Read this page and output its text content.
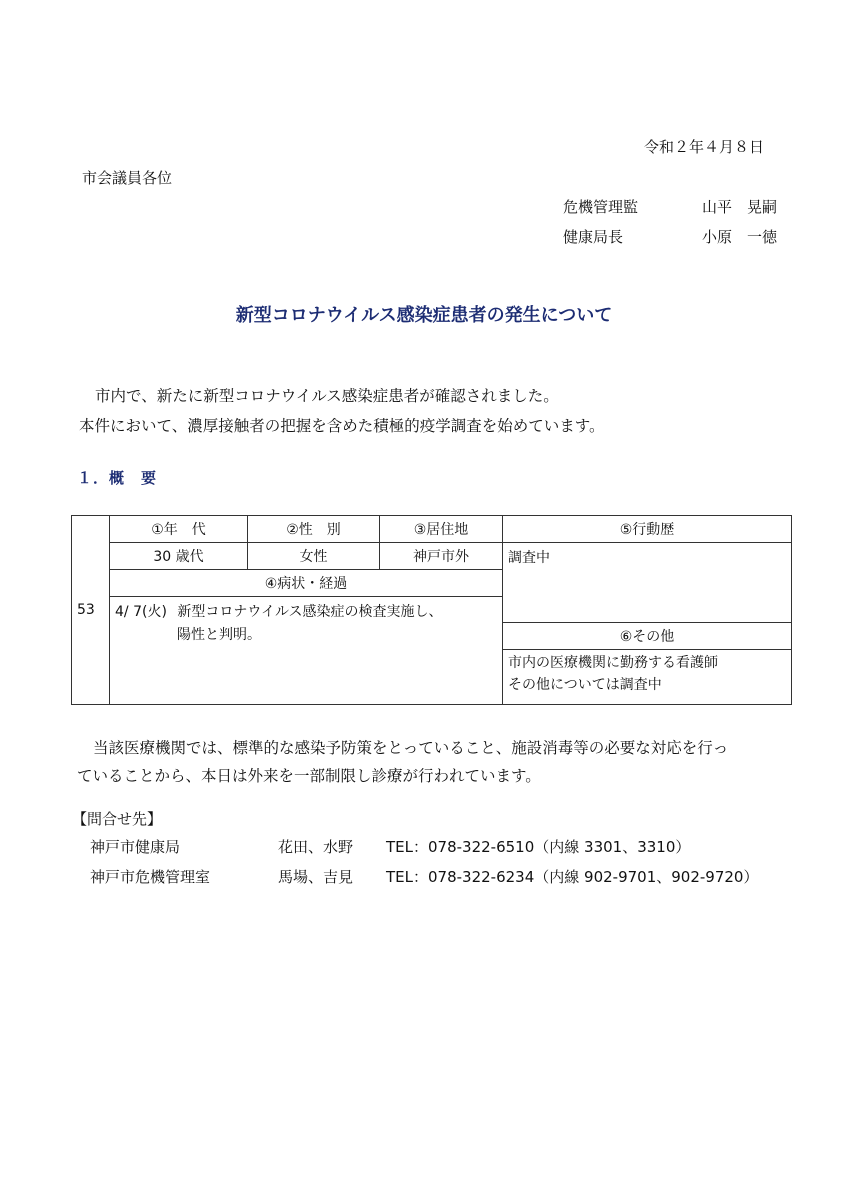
令和２年４月８日
市会議員各位
危機管理監	山平　晃嗣
健康局長	小原　一徳
新型コロナウイルス感染症患者の発生について
市内で、新たに新型コロナウイルス感染症患者が確認されました。
本件において、濃厚接触者の把握を含めた積極的疫学調査を始めています。
１．概　要
	①年　代	②性　別	③居住地	⑤行動歴
	30 歳代	女性	神戸市外	調査中
	④病状・経過			
53	4/ 7(火) 新型コロナウイルス感染症の検査実施し、
陽性と判明。			

				⑥その他

				市内の医療機関に勤務する看護師
その他については調査中

当該医療機関では、標準的な感染予防策をとっていること、施設消毒等の必要な対応を行っ
ていることから、本日は外来を一部制限し診療が行われています。
【問合せ先】
神戸市健康局	花田、水野 TEL：078-322-6510（内線 3301、3310）
神戸市危機管理室	馬場、吉見 TEL：078-322-6234（内線 902-9701、902-9720）
